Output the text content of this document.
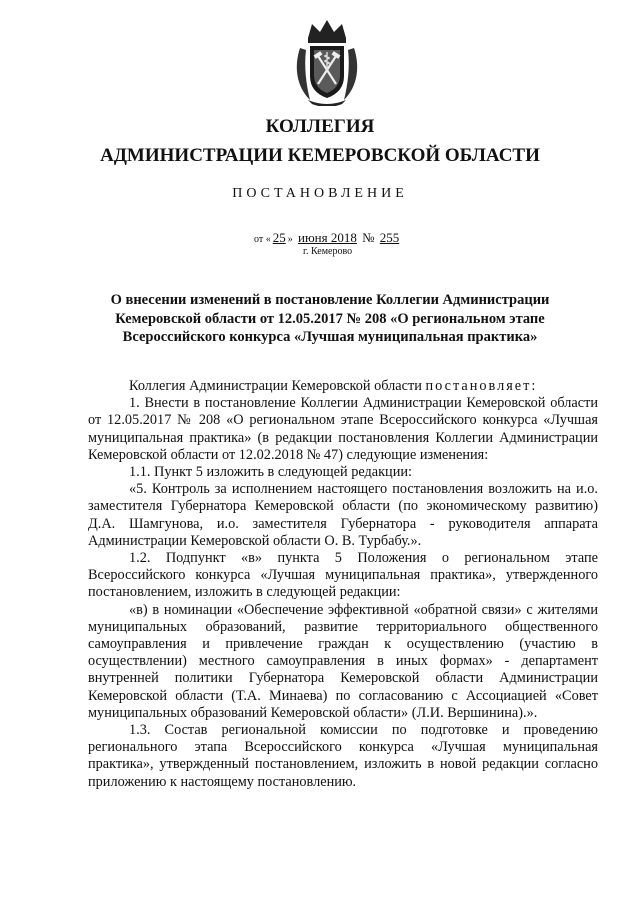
КОЛЛЕГИЯ
АДМИНИСТРАЦИИ КЕМЕРОВСКОЙ ОБЛАСТИ
ПОСТАНОВЛЕНИЕ
от « 25 » июня 2018 № 255
г. Кемерово
О внесении изменений в постановление Коллегии Администрации Кемеровской области от 12.05.2017 № 208 «О региональном этапе Всероссийского конкурса «Лучшая муниципальная практика»

Коллегия Администрации Кемеровской области постановляет:

1. Внести в постановление Коллегии Администрации Кемеровской области от 12.05.2017 № 208 «О региональном этапе Всероссийского конкурса «Лучшая муниципальная практика» (в редакции постановления Коллегии Администрации Кемеровской области от 12.02.2018 № 47) следующие изменения:

1.1. Пункт 5 изложить в следующей редакции:

«5. Контроль за исполнением настоящего постановления возложить на и.о. заместителя Губернатора Кемеровской области (по экономическому развитию) Д.А. Шамгунова, и.о. заместителя Губернатора - руководителя аппарата Администрации Кемеровской области О. В. Турбабу.».

1.2. Подпункт «в» пункта 5 Положения о региональном этапе Всероссийского конкурса «Лучшая муниципальная практика», утвержденного постановлением, изложить в следующей редакции:

«в) в номинации «Обеспечение эффективной «обратной связи» с жителями муниципальных образований, развитие территориального общественного самоуправления и привлечение граждан к осуществлению (участию в осуществлении) местного самоуправления в иных формах» - департамент внутренней политики Губернатора Кемеровской области Администрации Кемеровской области (Т.А. Минаева) по согласованию с Ассоциацией «Совет муниципальных образований Кемеровской области» (Л.И. Вершинина).».

1.3. Состав региональной комиссии по подготовке и проведению регионального этапа Всероссийского конкурса «Лучшая муниципальная практика», утвержденный постановлением, изложить в новой редакции согласно приложению к настоящему постановлению.
